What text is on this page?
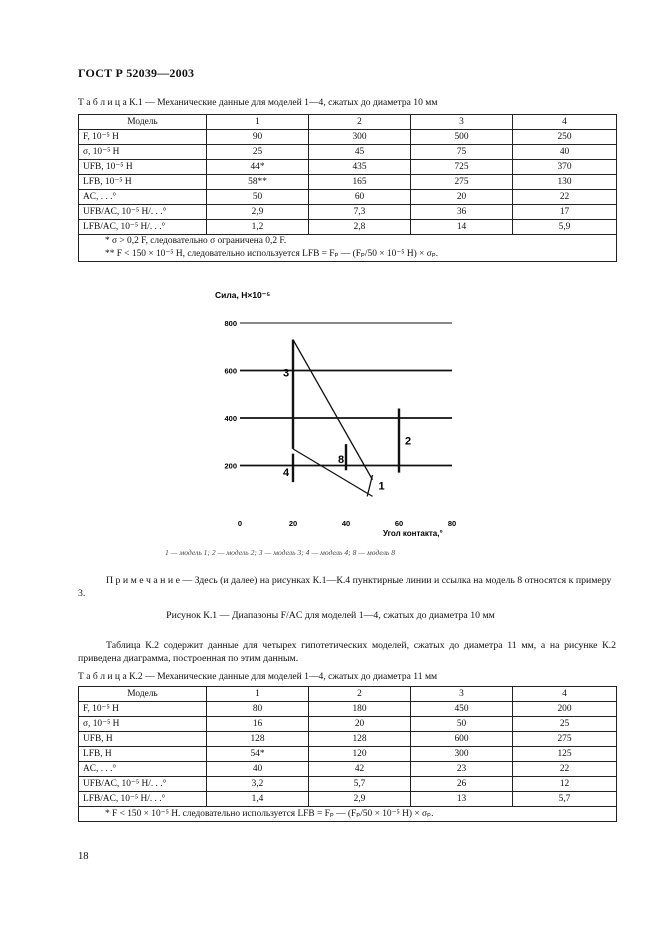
ГОСТ Р 52039—2003
Т а б л и ц а К.1 — Механические данные для моделей 1—4, сжатых до диаметра 10 мм
Модель	1	2	3	4
F, 10⁻⁵ Н	90	300	500	250
σ, 10⁻⁵ Н	25	45	75	40
UFB, 10⁻⁵ Н	44*	435	725	370
LFB, 10⁻⁵ Н	58**	165	275	130
AC, . . .°	50	60	20	22
UFB/AC, 10⁻⁵ Н/. . .°	2,9	7,3	36	17
LFB/AC, 10⁻⁵ Н/. . .°	1,2	2,8	14	5,9

* σ > 0,2 F, следовательно σ ограничена 0,2 F.
** F < 150 × 10⁻⁵ Н, следовательно используется LFB = Fₚ — (Fₚ/50 × 10⁻⁵ Н) × σₚ.				
200
400
600
800
0	20	40	60	80
1
2
3
4
8
Сила, Н×10⁻⁵
Угол контакта,°
1 — модель 1; 2 — модель 2; 3 — модель 3; 4 — модель 4; 8 — модель 8
П р и м е ч а н и е — Здесь (и далее) на рисунках К.1—К.4 пунктирные линии и ссылка на модель 8 относятся к примеру 3.
Рисунок К.1 — Диапазоны F/AC для моделей 1—4, сжатых до диаметра 10 мм
Таблица К.2 содержит данные для четырех гипотетических моделей, сжатых до диаметра 11 мм, а на рисунке К.2 приведена диаграмма, построенная по этим данным.
Т а б л и ц а К.2 — Механические данные для моделей 1—4, сжатых до диаметра 11 мм
Модель	1	2	3	4
F, 10⁻⁵ Н	80	180	450	200
σ, 10⁻⁵ Н	16	20	50	25
UFB, Н	128	128	600	275
LFB, Н	54*	120	300	125
AC, . . .°	40	42	23	22
UFB/AC, 10⁻⁵ Н/. . .°	3,2	5,7	26	12
LFB/AC, 10⁻⁵ Н/. . .°	1,4	2,9	13	5,7

* F < 150 × 10⁻⁵ Н. следовательно используется LFB = Fₚ — (Fₚ/50 × 10⁻⁵ Н) × σₚ.				
18
